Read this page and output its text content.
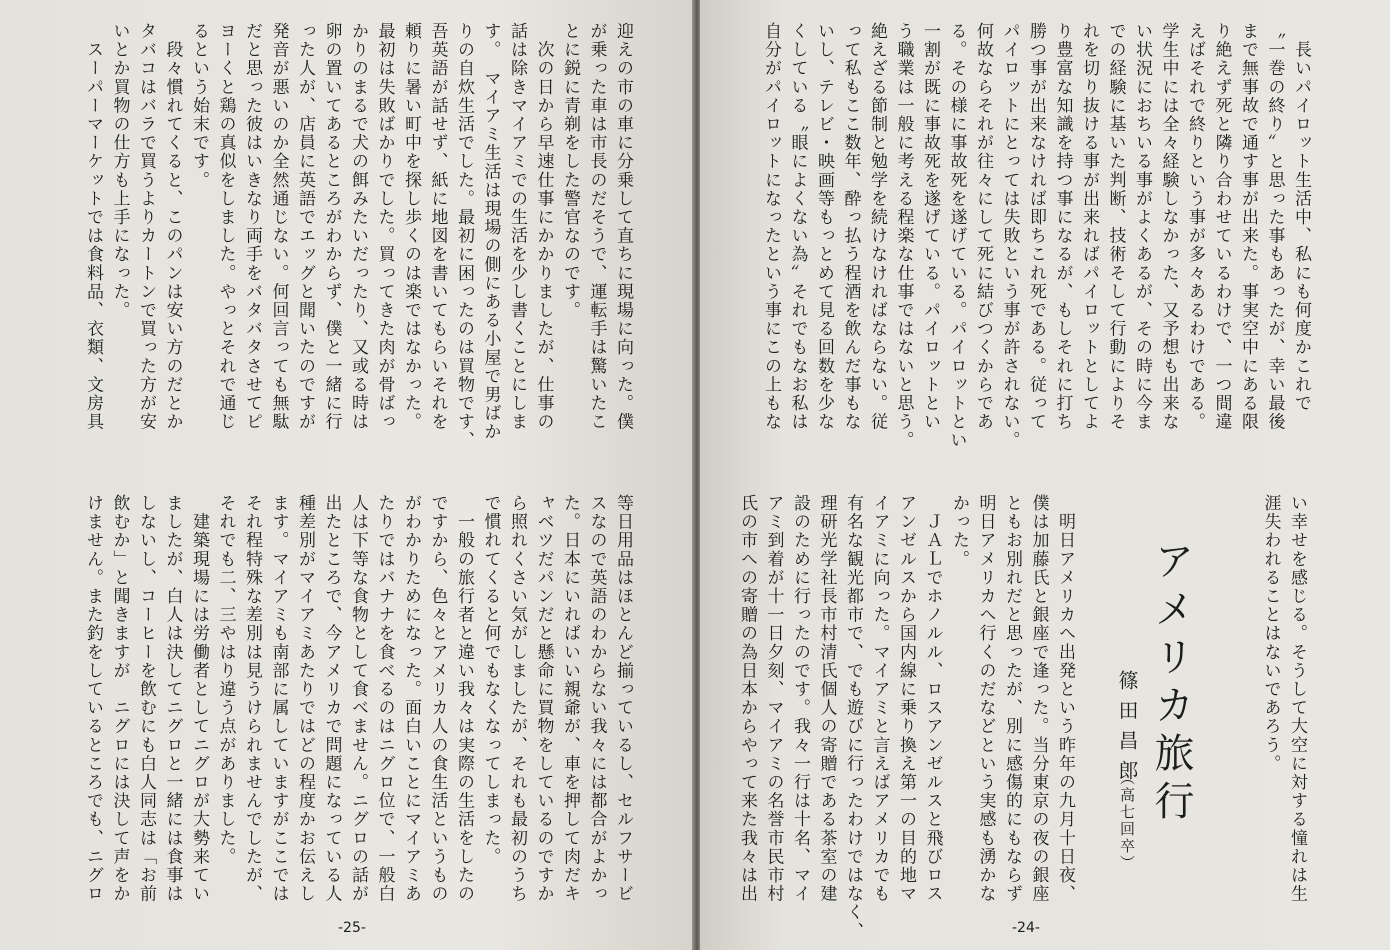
迎えの市の車に分乗して直ちに現場に向った。僕
が乗った車は市長のだそうで、運転手は驚いたこ
とに鋭に青剃をした警官なのです。
　次の日から早速仕事にかかりましたが、仕事の
話は除きマイアミでの生活を少し書くことにしま
す。　マイアミ生活は現場の側にある小屋で男ばか
りの自炊生活でした。最初に困ったのは買物です、
吾英語が話せず、紙に地図を書いてもらいそれを
頼りに暑い町中を探し歩くのは楽ではなかった。
最初は失敗ばかりでした。買ってきた肉が骨ばっ
かりのまるで犬の餌みたいだったり、又或る時は
卵の置いてあるところがわからず、僕と一緒に行
った人が、店員に英語でエッグと聞いたのですが
発音が悪いのか全然通じない。何回言っても無駄
だと思った彼はいきなり両手をバタバタさせてピ
ヨーくと鶏の真似をしました。やっとそれで通じ
るという始末です。
　段々慣れてくると、このパンは安い方のだとか
タバコはバラで買うよりカートンで買った方が安
いとか買物の仕方も上手になった。
　スーパーマーケットでは食料品、衣類、文房具
等日用品はほとんど揃っているし、セルフサービ
スなので英語のわからない我々には都合がよかっ
た。日本にいればいい親爺が、車を押して肉だキ
ャベツだパンだと懸命に買物をしているのですか
ら照れくさい気がしましたが、それも最初のうち
で慣れてくると何でもなくなってしまった。
　一般の旅行者と違い我々は実際の生活をしたの
ですから、色々とアメリカ人の食生活というもの
がわかりためになった。面白いことにマイアミあ
たりではバナナを食べるのはニグロ位で、一般白
人は下等な食物として食べません。ニグロの話が
出たところで、今アメリカで問題になっている人
種差別がマイアミあたりではどの程度かお伝えし
ます。マイアミも南部に属していますがここでは
それ程特殊な差別は見うけられませんでしたが、
それでも二、三やはり違う点がありました。
　建築現場には労働者としてニグロが大勢来てい
ましたが、白人は決してニグロと一緒には食事は
しないし、コーヒーを飲むにも白人同志は「お前
飲むか」と聞きますが　ニグロには決して声をか
けません。また釣をしているところでも、ニグロ
-25-
　長いパイロット生活中、私にも何度かこれで
〝一巻の終り〟と思った事もあったが、幸い最後
まで無事故で通す事が出来た。事実空中にある限
り絶えず死と隣り合わせているわけで、一つ間違
えばそれで終りという事が多々あるわけである。
学生中には全々経験しなかった、又予想も出来な
い状況におちいる事がよくあるが、その時に今ま
での経験に基いた判断、技術そして行動によりそ
れを切り抜ける事が出来ればパイロットとしてよ
り豊富な知識を持つ事になるが、もしそれに打ち
勝つ事が出来なければ即ちこれ死である。従って
パイロットにとっては失敗という事が許されない。
何故ならそれが往々にして死に結びつくからであ
る。その様に事故死を遂げている。パイロットとい
一割が既に事故死を遂げている。パイロットとい
う職業は一般に考える程楽な仕事ではないと思う。
絶えざる節制と勉学を続けなければならない。従
って私もここ数年、酔っ払う程酒を飲んだ事もな
いし、テレビ・映画等もっとめて見る回数を少な
くしている〝眼によくない為〟それでもなお私は
自分がパイロットになったという事にこの上もな
い幸せを感じる。そうして大空に対する憧れは生
涯失われることはないであろう。
アメリカ旅行
篠田昌郎
（高七回卒）
　明日アメリカへ出発という昨年の九月十日夜、
僕は加藤氏と銀座で逢った。当分東京の夜の銀座
ともお別れだと思ったが、別に感傷的にもならず
明日アメリカへ行くのだなどという実感も湧かな
かった。
　ＪＡＬでホノルル、ロスアンゼルスと飛びロス
アンゼルスから国内線に乗り換え第一の目的地マ
イアミに向った。マイアミと言えばアメリカでも
有名な観光都市で、でも遊びに行ったわけではなく、
理研光学社長市村清氏個人の寄贈である茶室の建
設のために行ったのです。我々一行は十名、マイ
アミ到着が十一日夕刻、マイアミの名誉市民市村
氏の市への寄贈の為日本からやって来た我々は出
-24-
